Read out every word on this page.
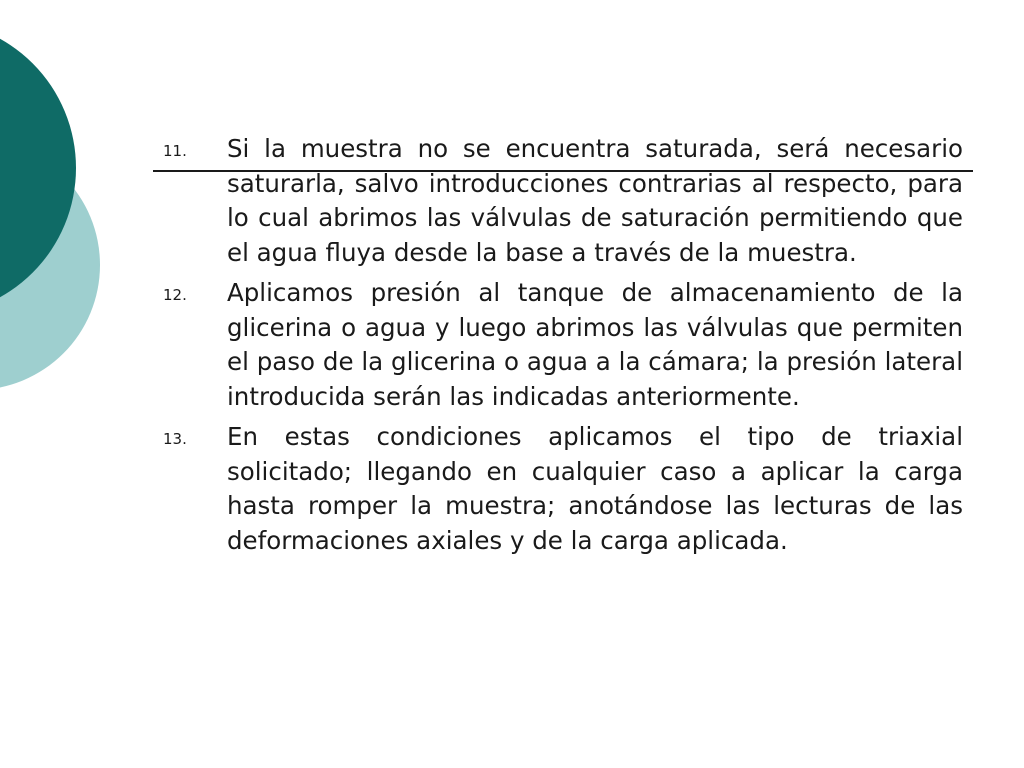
11.	Si la muestra no se encuentra saturada, será necesario saturarla, salvo introducciones contrarias al respecto, para lo cual abrimos las válvulas de saturación permitiendo que el agua fluya desde la base a través de la muestra.
12.	Aplicamos presión al tanque de almacenamiento de la glicerina o agua y luego abrimos las válvulas que permiten el paso de la glicerina o agua a la cámara; la presión lateral introducida serán las indicadas anteriormente.
13.	En estas condiciones aplicamos el tipo de triaxial solicitado; llegando en cualquier caso a aplicar la carga hasta romper la muestra; anotándose las lecturas de las deformaciones axiales y de la carga aplicada.
